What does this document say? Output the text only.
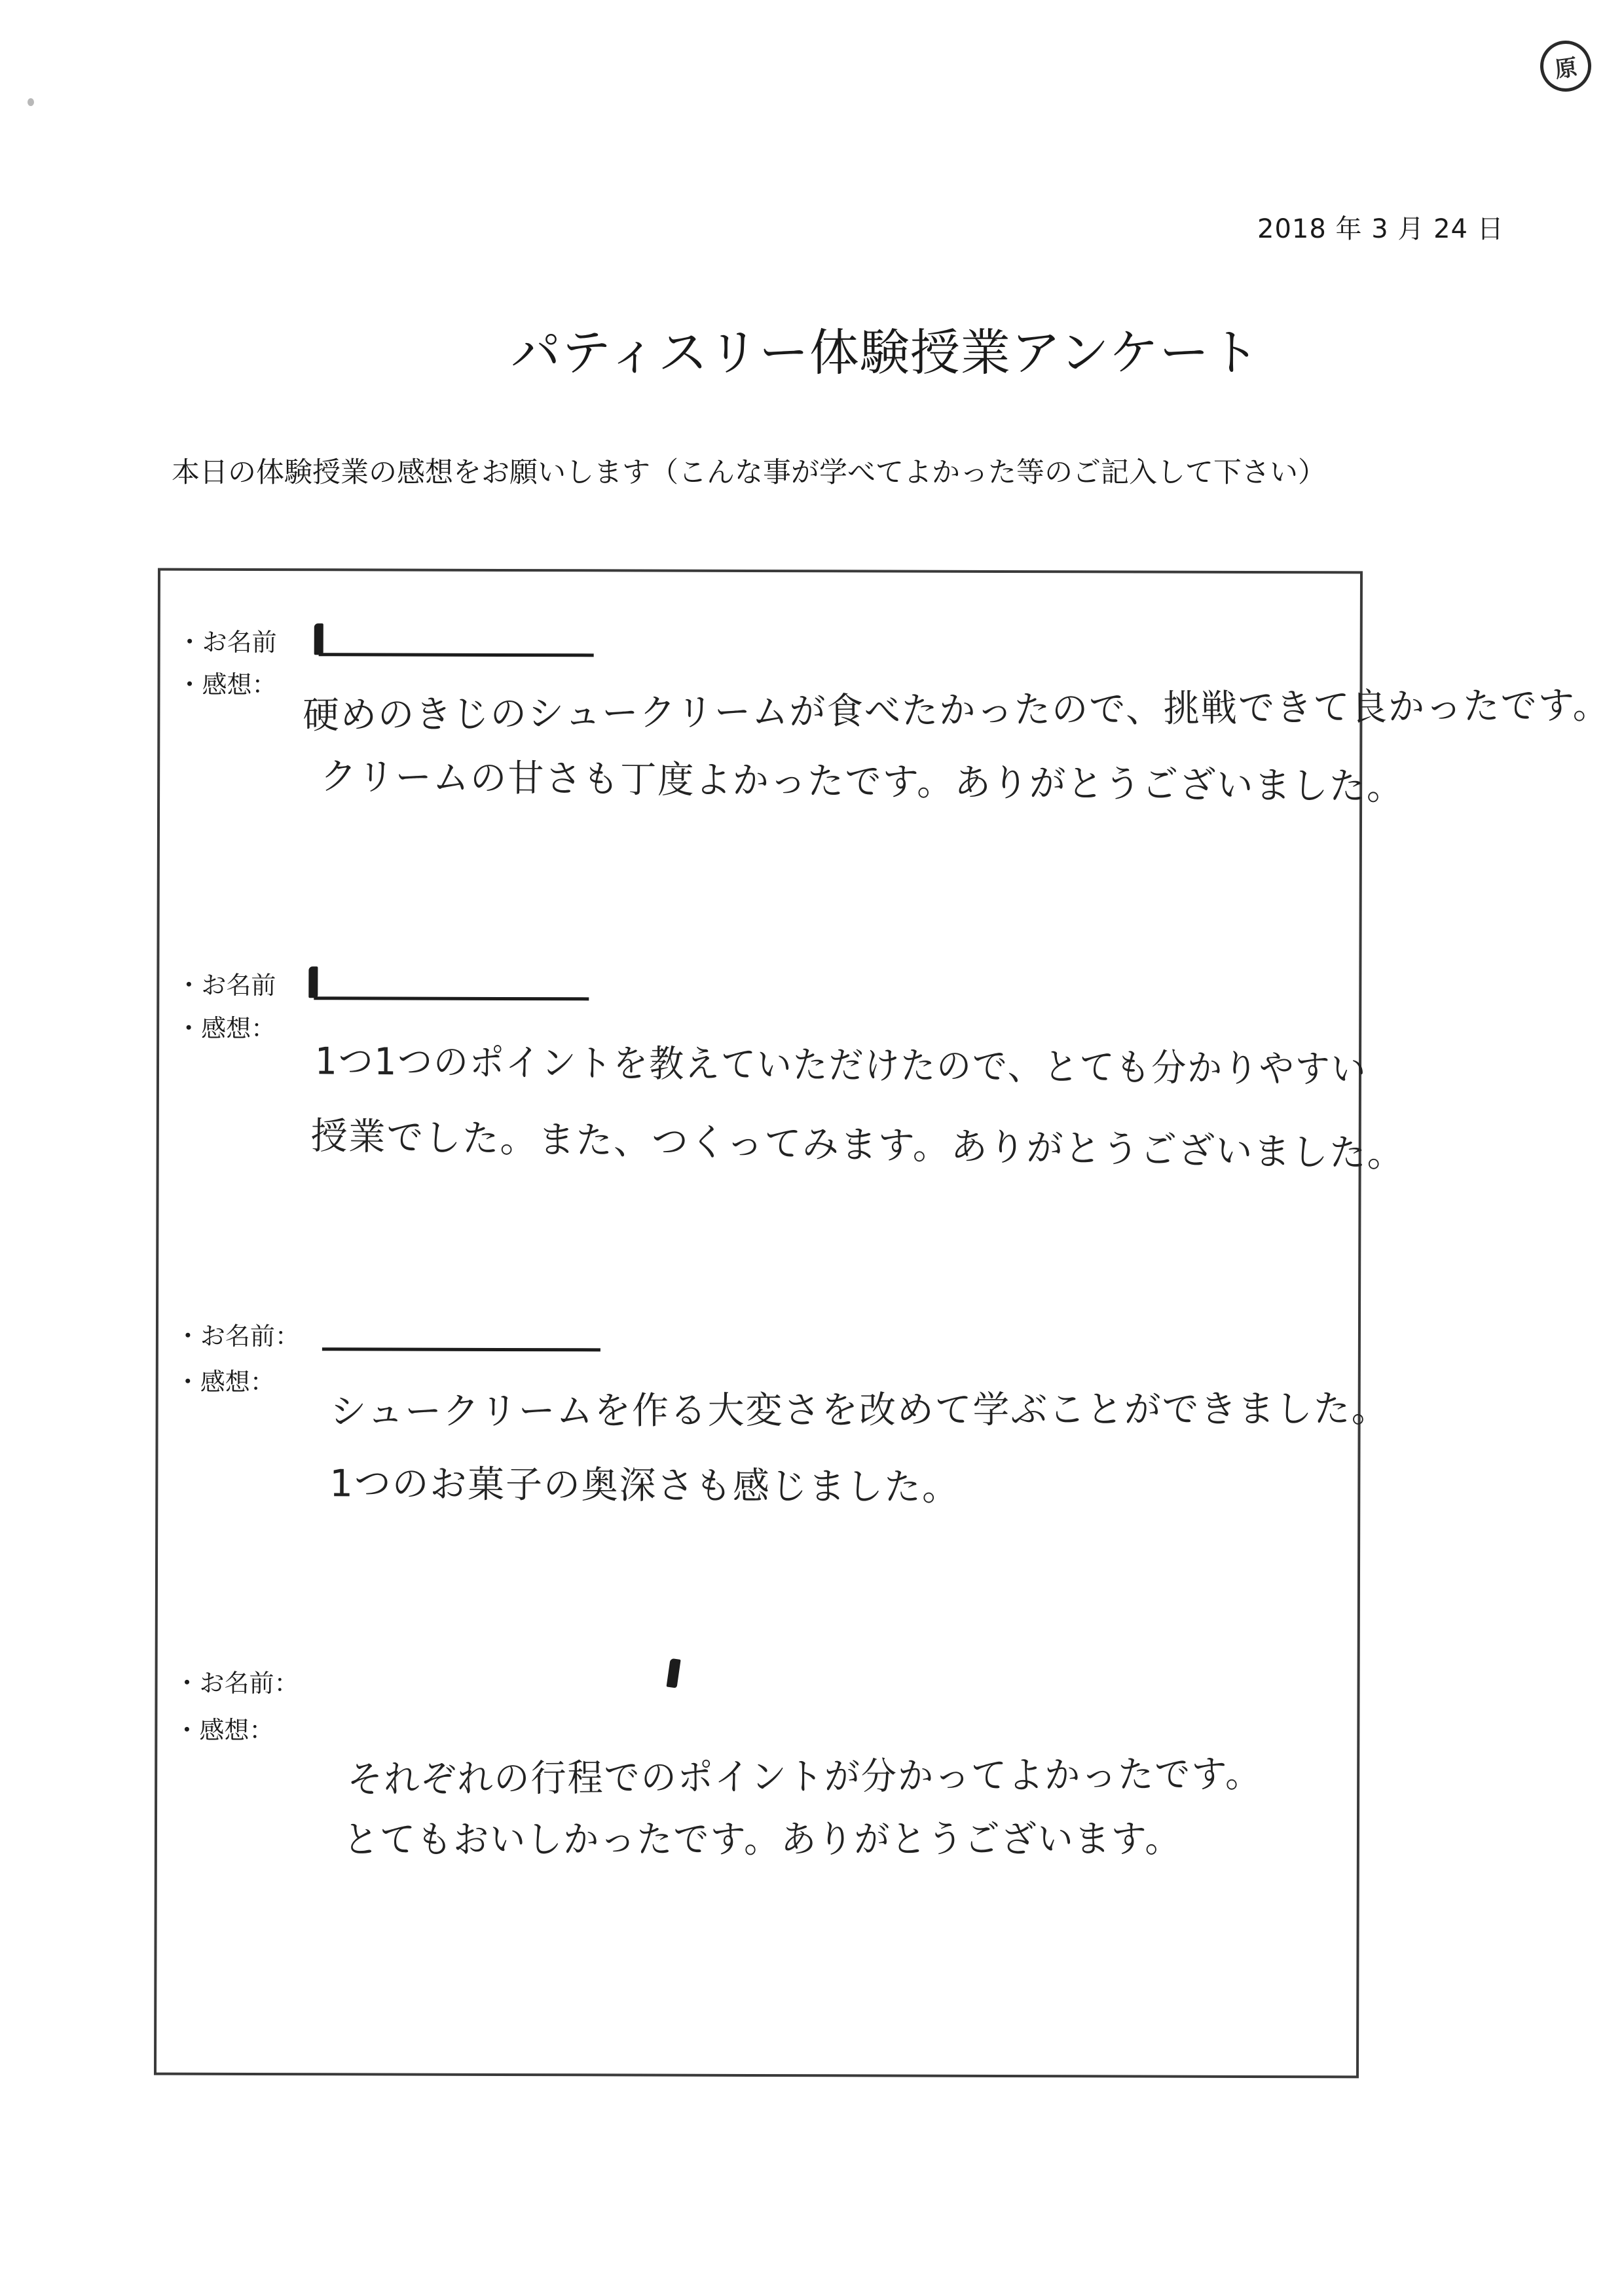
原
2018 年 3 月 24 日
パティスリー体験授業アンケート
本日の体験授業の感想をお願いします（こんな事が学べてよかった等のご記入して下さい）
・お名前
・感想： 硬めのきじのシュークリームが食べたかったので、挑戦できて良かったです。
クリームの甘さも丁度よかったです。ありがとうございました。
・お名前
・感想：
1つ1つのポイントを教えていただけたので、とても分かりやすい
授業でした。また、つくってみます。ありがとうございました。
・お名前：
・感想：
シュークリームを作る大変さを改めて学ぶことができました。
1つのお菓子の奥深さも感じました。
・お名前：
・感想：
それぞれの行程でのポイントが分かってよかったです。
とてもおいしかったです。ありがとうございます。
